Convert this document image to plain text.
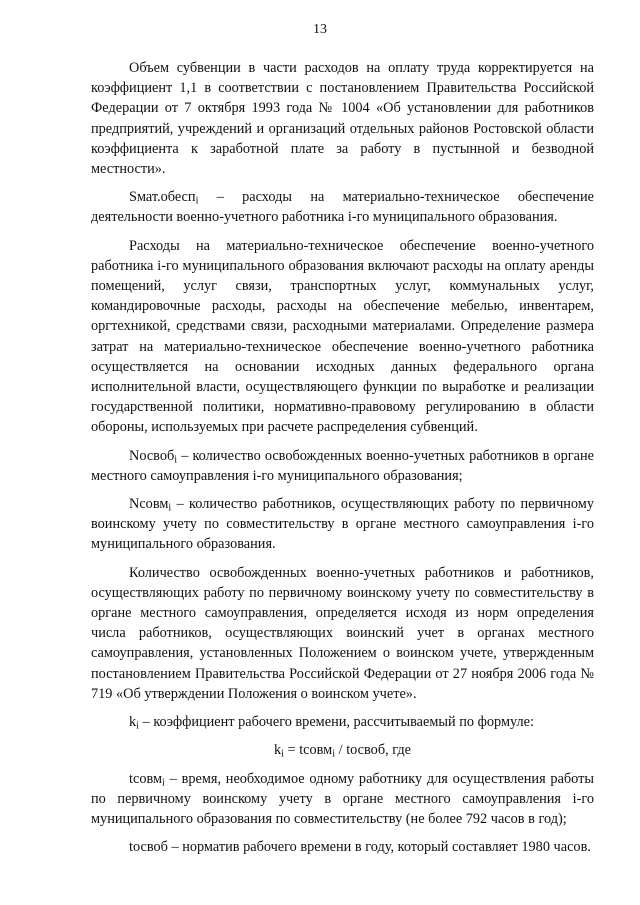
13

Объем субвенции в части расходов на оплату труда корректируется на коэффициент 1,1 в соответствии с постановлением Правительства Российской Федерации от 7 октября 1993 года № 1004 «Об установлении для работников предприятий, учреждений и организаций отдельных районов Ростовской области коэффициента к заработной плате за работу в пустынной и безводной местности».

Sмат.обеспi – расходы на материально-техническое обеспечение деятельности военно-учетного работника i-го муниципального образования.

Расходы на материально-техническое обеспечение военно-учетного работника i-го муниципального образования включают расходы на оплату аренды помещений, услуг связи, транспортных услуг, коммунальных услуг, командировочные расходы, расходы на обеспечение мебелью, инвентарем, оргтехникой, средствами связи, расходными материалами. Определение размера затрат на материально-техническое обеспечение военно-учетного работника осуществляется на основании исходных данных федерального органа исполнительной власти, осуществляющего функции по выработке и реализации государственной политики, нормативно-правовому регулированию в области обороны, используемых при расчете распределения субвенций.

Nосвобi – количество освобожденных военно-учетных работников в органе местного самоуправления i-го муниципального образования;

Nсовмi – количество работников, осуществляющих работу по первичному воинскому учету по совместительству в органе местного самоуправления i-го муниципального образования.

Количество освобожденных военно-учетных работников и работников, осуществляющих работу по первичному воинскому учету по совместительству в органе местного самоуправления, определяется исходя из норм определения числа работников, осуществляющих воинский учет в органах местного самоуправления, установленных Положением о воинском учете, утвержденным постановлением Правительства Российской Федерации от 27 ноября 2006 года № 719 «Об утверждении Положения о воинском учете».

ki – коэффициент рабочего времени, рассчитываемый по формуле:

ki = tсовмi / tосвоб, где

tсовмi – время, необходимое одному работнику для осуществления работы по первичному воинскому учету в органе местного самоуправления i-го муниципального образования по совместительству (не более 792 часов в год);

tосвоб – норматив рабочего времени в году, который составляет 1980 часов.
